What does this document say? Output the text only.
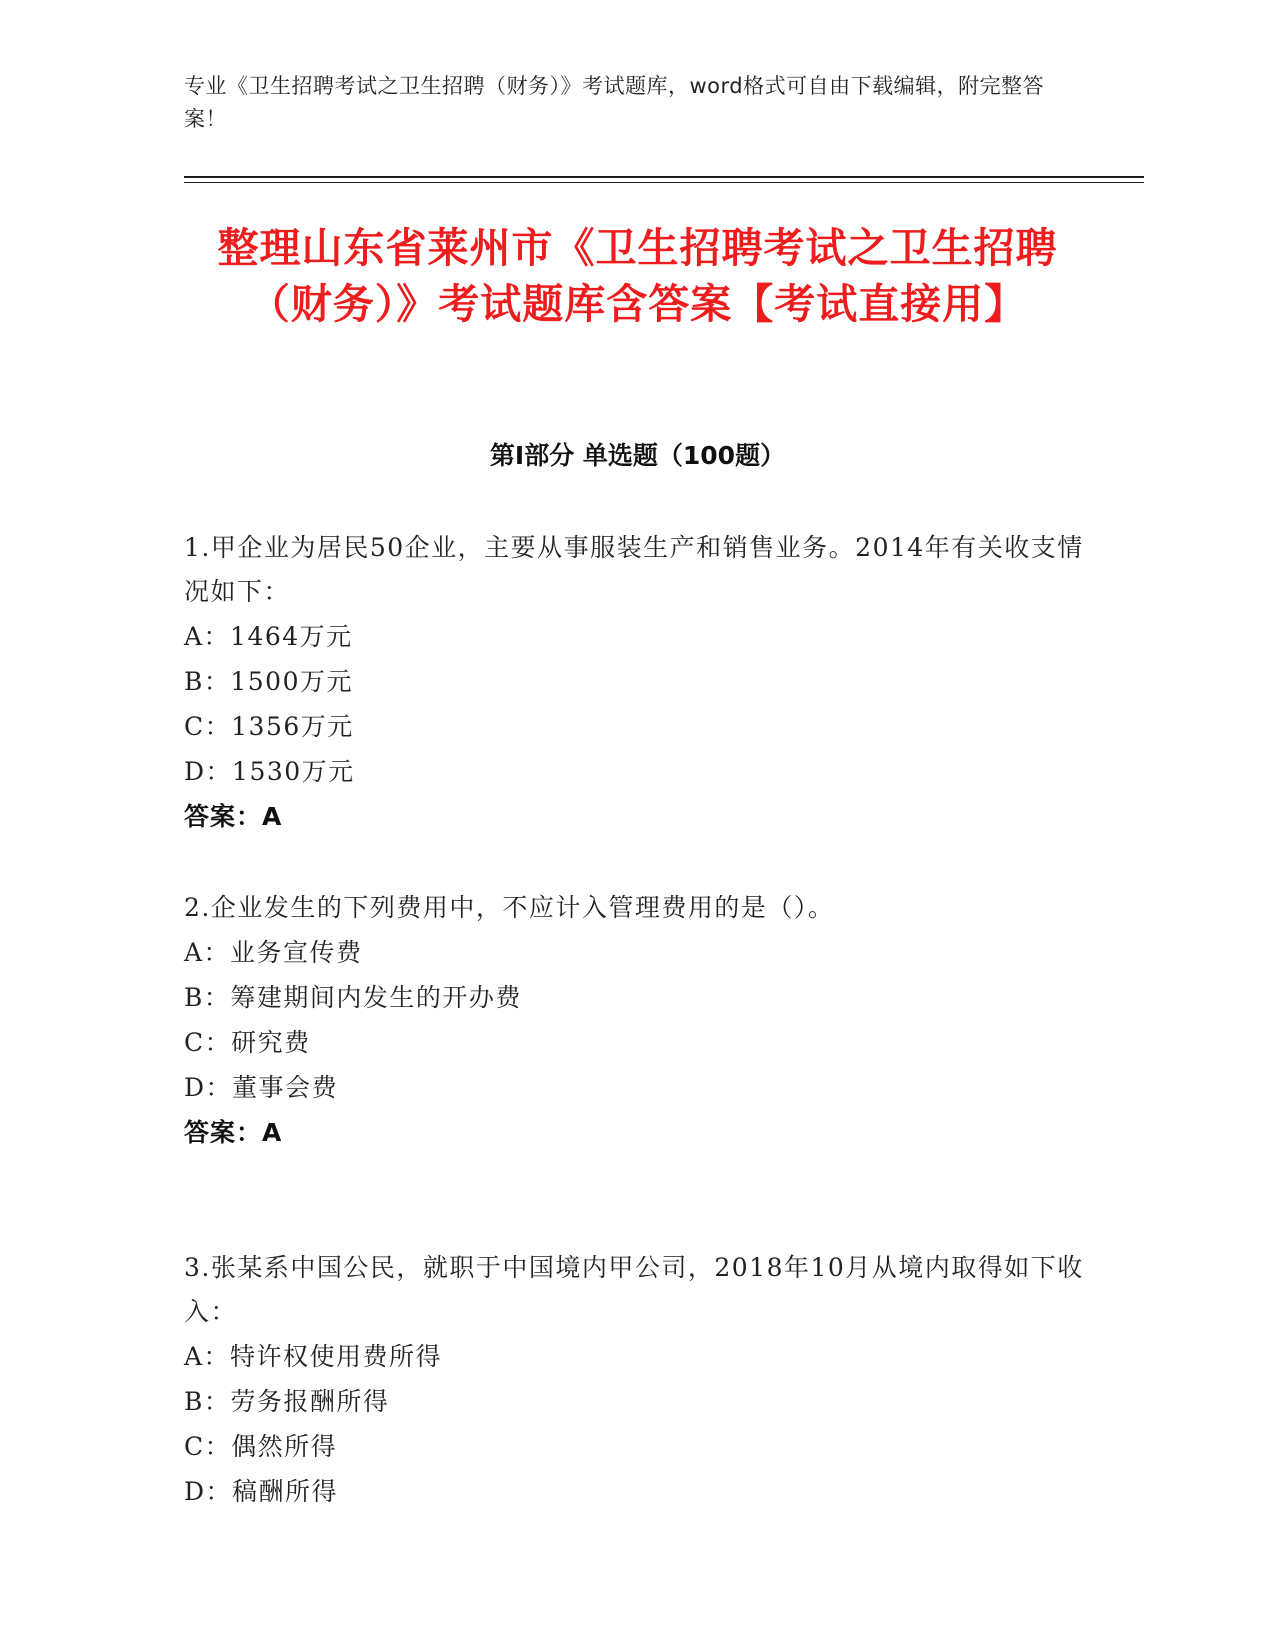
专业《卫生招聘考试之卫生招聘（财务）》考试题库，word格式可自由下载编辑，附完整答案！
整理山东省莱州市《卫生招聘考试之卫生招聘（财务）》考试题库含答案【考试直接用】
第I部分 单选题（100题）
1.甲企业为居民50企业，主要从事服装生产和销售业务。2014年有关收支情况如下：
A：1464万元
B：1500万元
C：1356万元
D：1530万元
答案：A
2.企业发生的下列费用中，不应计入管理费用的是（）。
A：业务宣传费
B：筹建期间内发生的开办费
C：研究费
D：董事会费
答案：A
3.张某系中国公民，就职于中国境内甲公司，2018年10月从境内取得如下收入：
A：特许权使用费所得
B：劳务报酬所得
C：偶然所得
D：稿酬所得
